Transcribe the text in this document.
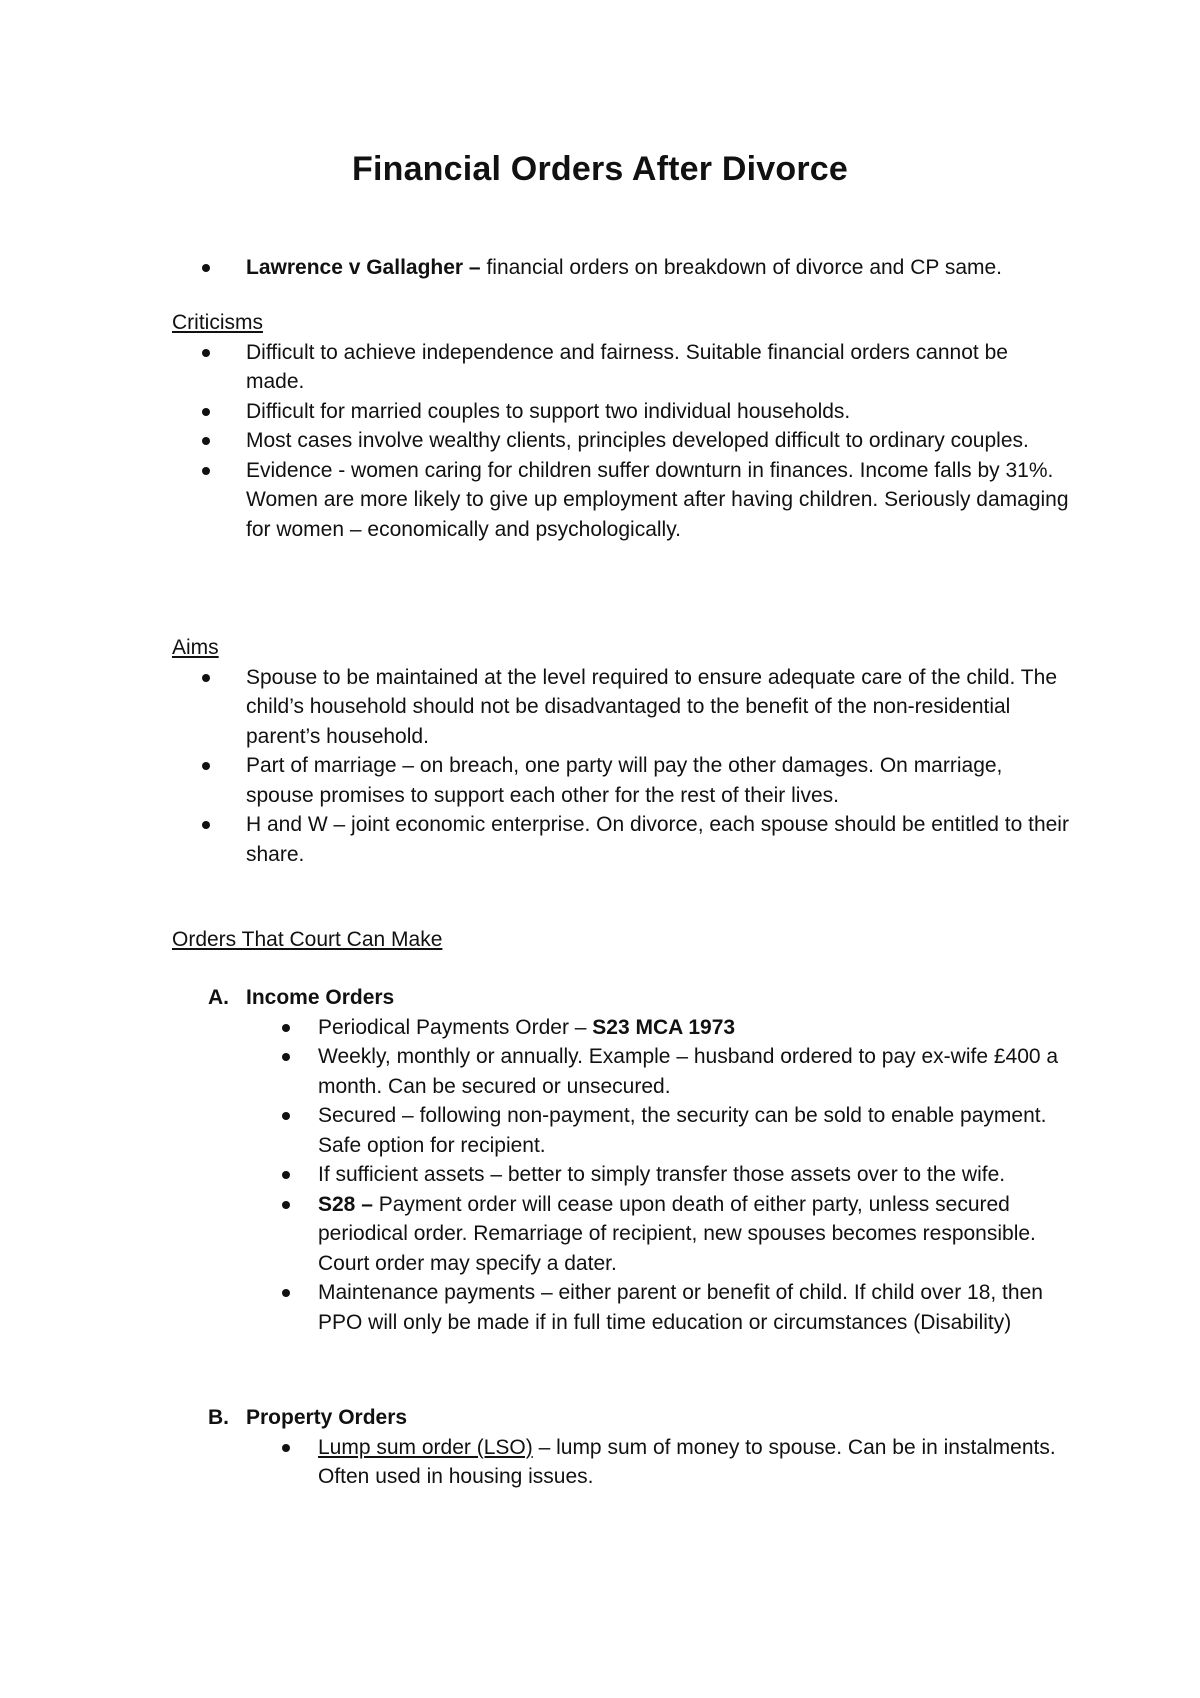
Financial Orders After Divorce
Lawrence v Gallagher – financial orders on breakdown of divorce and CP same.
Criticisms
Difficult to achieve independence and fairness. Suitable financial orders cannot be made.
Difficult for married couples to support two individual households.
Most cases involve wealthy clients, principles developed difficult to ordinary couples.
Evidence - women caring for children suffer downturn in finances. Income falls by 31%. Women are more likely to give up employment after having children. Seriously damaging for women – economically and psychologically.
Aims
Spouse to be maintained at the level required to ensure adequate care of the child. The child’s household should not be disadvantaged to the benefit of the non-residential parent’s household.
Part of marriage – on breach, one party will pay the other damages. On marriage, spouse promises to support each other for the rest of their lives.
H and W – joint economic enterprise. On divorce, each spouse should be entitled to their share.
Orders That Court Can Make
A. Income Orders
Periodical Payments Order – S23 MCA 1973
Weekly, monthly or annually. Example – husband ordered to pay ex-wife £400 a month. Can be secured or unsecured.
Secured – following non-payment, the security can be sold to enable payment. Safe option for recipient.
If sufficient assets – better to simply transfer those assets over to the wife.
S28 – Payment order will cease upon death of either party, unless secured periodical order. Remarriage of recipient, new spouses becomes responsible. Court order may specify a dater.
Maintenance payments – either parent or benefit of child. If child over 18, then PPO will only be made if in full time education or circumstances (Disability)
B. Property Orders
Lump sum order (LSO) – lump sum of money to spouse. Can be in instalments. Often used in housing issues.
